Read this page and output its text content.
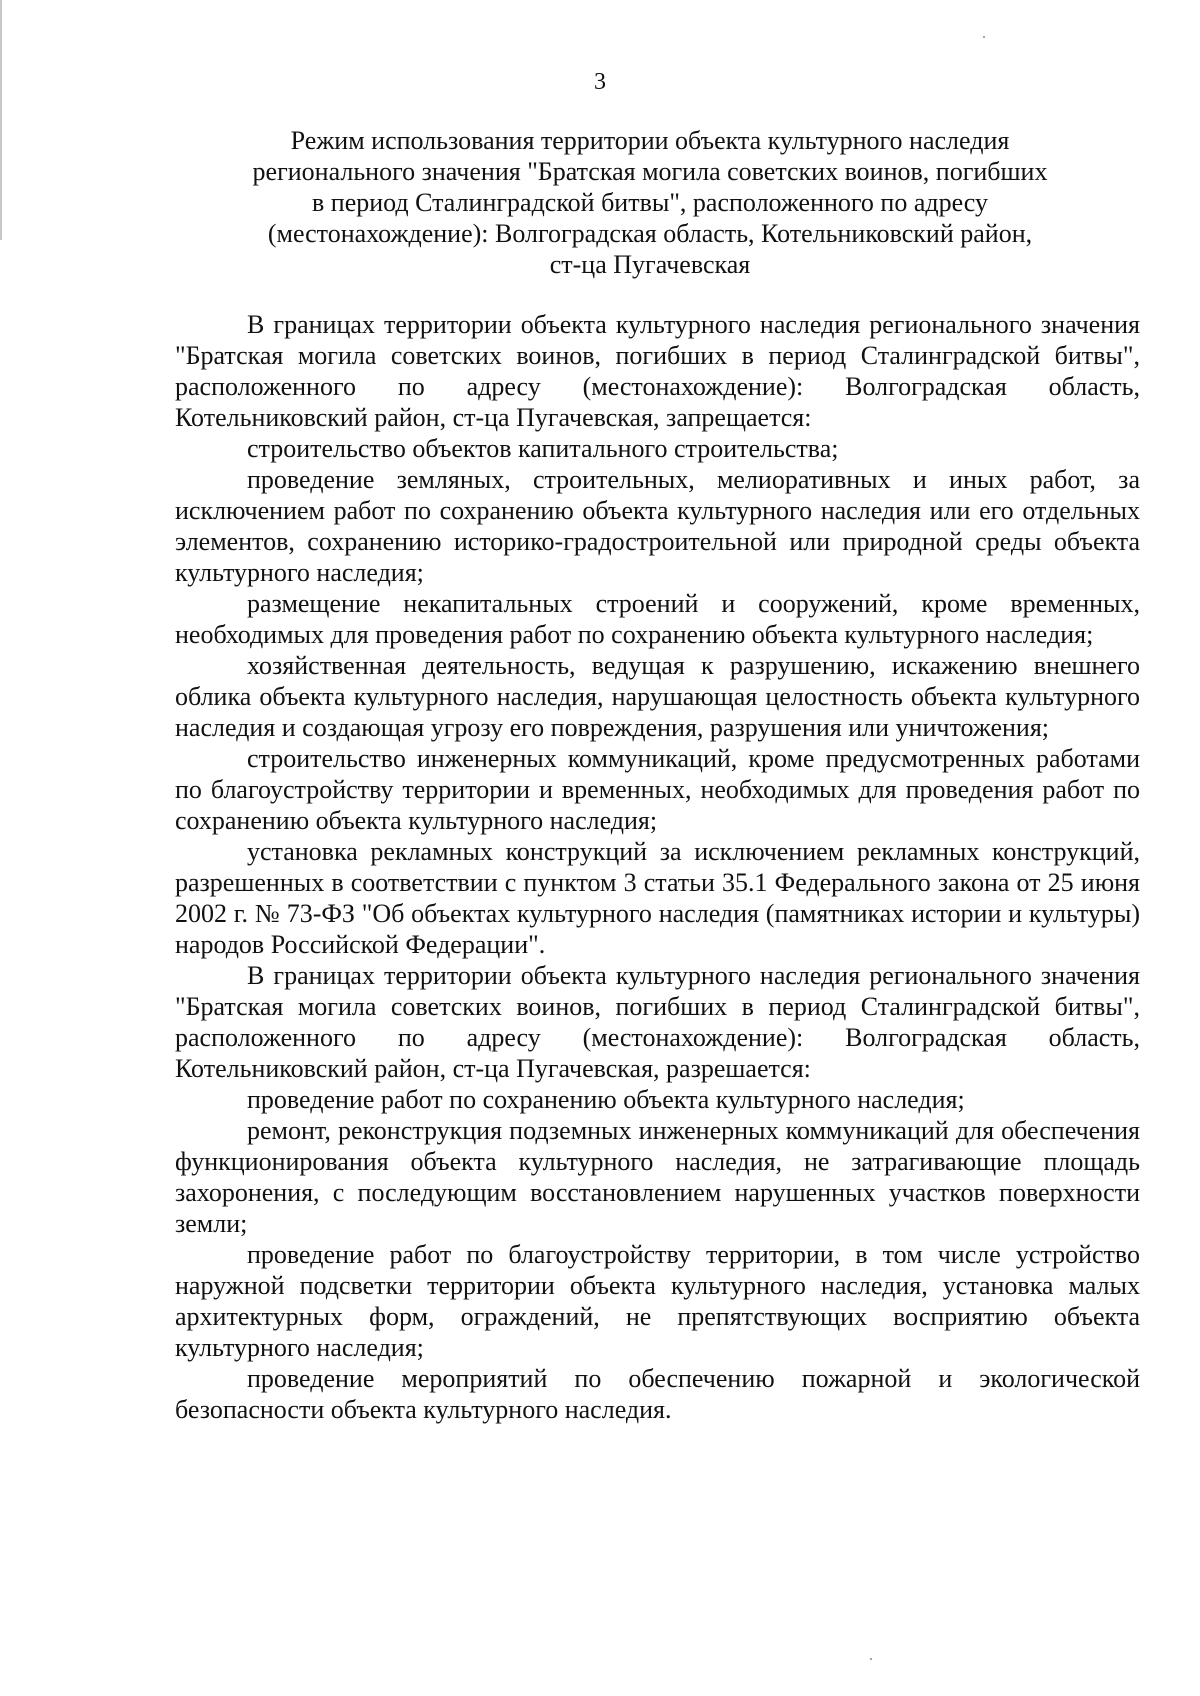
3
Режим использования территории объекта культурного наследия
регионального значения "Братская могила советских воинов, погибших
в период Сталинградской битвы", расположенного по адресу
(местонахождение): Волгоградская область, Котельниковский район,
ст-ца Пугачевская

В границах территории объекта культурного наследия регионального значения "Братская могила советских воинов, погибших в период Сталинградской битвы", расположенного по адресу (местонахождение): Волгоградская область, Котельниковский район, ст-ца Пугачевская, запрещается:

строительство объектов капитального строительства;

проведение земляных, строительных, мелиоративных и иных работ, за исключением работ по сохранению объекта культурного наследия или его отдельных элементов, сохранению историко-градостроительной или природной среды объекта культурного наследия;

размещение некапитальных строений и сооружений, кроме временных, необходимых для проведения работ по сохранению объекта культурного наследия;

хозяйственная деятельность, ведущая к разрушению, искажению внешнего облика объекта культурного наследия, нарушающая целостность объекта культурного наследия и создающая угрозу его повреждения, разрушения или уничтожения;

строительство инженерных коммуникаций, кроме предусмотренных работами по благоустройству территории и временных, необходимых для проведения работ по сохранению объекта культурного наследия;

установка рекламных конструкций за исключением рекламных конструкций, разрешенных в соответствии с пунктом 3 статьи 35.1 Федерального закона от 25 июня 2002 г. № 73-ФЗ "Об объектах культурного наследия (памятниках истории и культуры) народов Российской Федерации".

В границах территории объекта культурного наследия регионального значения "Братская могила советских воинов, погибших в период Сталинградской битвы", расположенного по адресу (местонахождение): Волгоградская область, Котельниковский район, ст-ца Пугачевская, разрешается:

проведение работ по сохранению объекта культурного наследия;

ремонт, реконструкция подземных инженерных коммуникаций для обеспечения функционирования объекта культурного наследия, не затрагивающие площадь захоронения, с последующим восстановлением нарушенных участков поверхности земли;

проведение работ по благоустройству территории, в том числе устройство наружной подсветки территории объекта культурного наследия, установка малых архитектурных форм, ограждений, не препятствующих восприятию объекта культурного наследия;

проведение мероприятий по обеспечению пожарной и экологической безопасности объекта культурного наследия.
